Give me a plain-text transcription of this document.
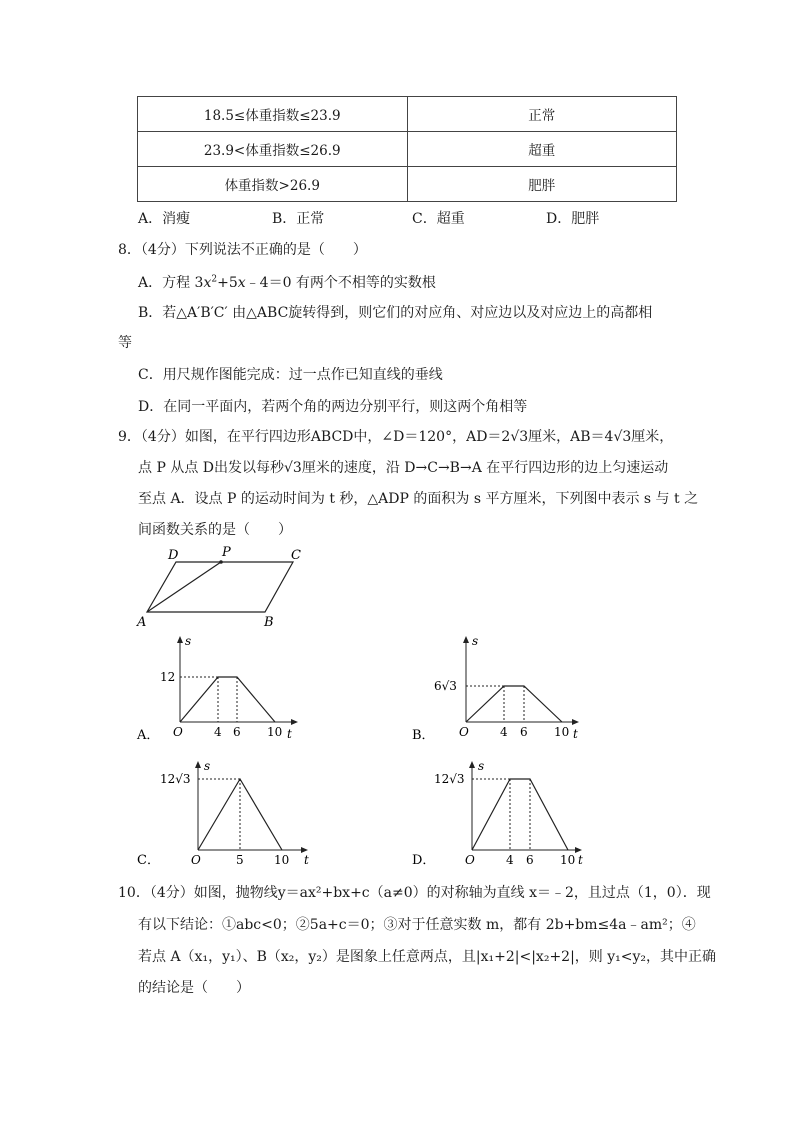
18.5≤体重指数≤23.9	正常
23.9<体重指数≤26.9	超重
体重指数>26.9	肥胖
A．消瘦	B．正常	C．超重	D．肥胖
8．（4分）下列说法不正确的是（　　）
A．方程 $3x^2+5x﹣4=0$ 有两个不相等的实数根
B．若△A′B′C′ 由△ABC旋转得到，则它们的对应角、对应边以及对应边上的高都相
等
C．用尺规作图能完成：过一点作已知直线的垂线
D．在同一平面内，若两个角的两边分别平行，则这两个角相等
9．（4分）如图，在平行四边形ABCD中，∠D＝120°，AD＝2√3厘米，AB＝4√3厘米，
点 P 从点 D出发以每秒√3厘米的速度，沿 D→C→B→A 在平行四边形的边上匀速运动
至点 A．设点 P 的运动时间为 t 秒，△ADP 的面积为 s 平方厘米，下列图中表示 s 与 t 之
间函数关系的是（　　）
D	P	C
A	B
s
t
O
12
4 6 10
A．
s
t
O
6√3
4 6 10
B．
s
t
O
12√3
5	10
C．
s
t
O
12√3
4 6 10
D．
10．（4分）如图，抛物线y＝ax²+bx+c（a≠0）的对称轴为直线 x＝﹣2，且过点（1，0）．现
有以下结论：①abc<0；②5a+c＝0；③对于任意实数 m，都有 2b+bm≤4a﹣am²；④
若点 A（x₁，y₁）、B（x₂，y₂）是图象上任意两点，且|x₁+2|<|x₂+2|，则 y₁<y₂，其中正确
的结论是（　　）
